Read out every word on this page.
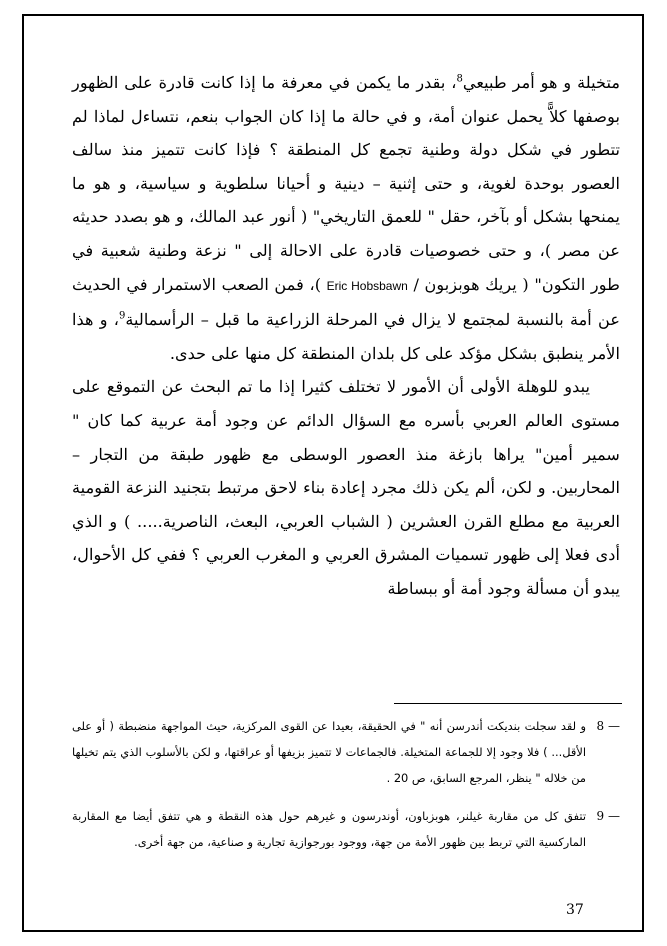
متخيلة و هو أمر طبيعي$^8$، بقدر ما يكمن في معرفة ما إذا كانت قادرة على الظهور بوصفها كلاًّ يحمل عنوان أمة، و في حالة ما إذا كان الجواب بنعم، نتساءل لماذا لم تتطور في شكل دولة وطنية تجمع كل المنطقة ؟ فإذا كانت تتميز منذ سالف العصور بوحدة لغوية، و حتى إثنية – دينية و أحيانا سلطوية و سياسية، و هو ما يمنحها بشكل أو بآخر، حقل " للعمق التاريخي" ( أنور عبد المالك، و هو بصدد حديثه عن مصر )، و حتى خصوصيات قادرة على الاحالة إلى " نزعة وطنية شعبية في طور التكون" ( يريك هوبزبون / Eric Hobsbawn )، فمن الصعب الاستمرار في الحديث عن أمة بالنسبة لمجتمع لا يزال في المرحلة الزراعية ما قبل – الرأسمالية$^9$، و هذا الأمر ينطبق بشكل مؤكد على كل بلدان المنطقة كل منها على حدى.

يبدو للوهلة الأولى أن الأمور لا تختلف كثيرا إذا ما تم البحث عن التموقع على مستوى العالم العربي بأسره مع السؤال الدائم عن وجود أمة عربية كما كان " سمير أمين" يراها بازغة منذ العصور الوسطى مع ظهور طبقة من التجار – المحاربين. و لكن، ألم يكن ذلك مجرد إعادة بناء لاحق مرتبط بتجنيد النزعة القومية العربية مع مطلع القرن العشرين ( الشباب العربي، البعث، الناصرية..... ) و الذي أدى فعلا إلى ظهور تسميات المشرق العربي و المغرب العربي ؟ ففي كل الأحوال، يبدو أن مسألة وجود أمة أو ببساطة

8 —
و لقد سجلت بنديكت أندرسن أنه " في الحقيقة، بعيدا عن القوى المركزية، حيث المواجهة منضبطة ( أو على الأقل... ) فلا وجود إلا للجماعة المتخيلة. فالجماعات لا تتميز بزيفها أو عراقتها، و لكن بالأسلوب الذي يتم تخيلها من خلاله " ينظر، المرجع السابق، ص 20 .

9 —
تتفق كل من مقاربة غيلنر، هوبزباون، أوندرسون و غيرهم حول هذه النقطة و هي تتفق أيضا مع المقاربة الماركسية التي تربط بين ظهور الأمة من جهة، ووجود بورجوازية تجارية و صناعية، من جهة أخرى.

37
